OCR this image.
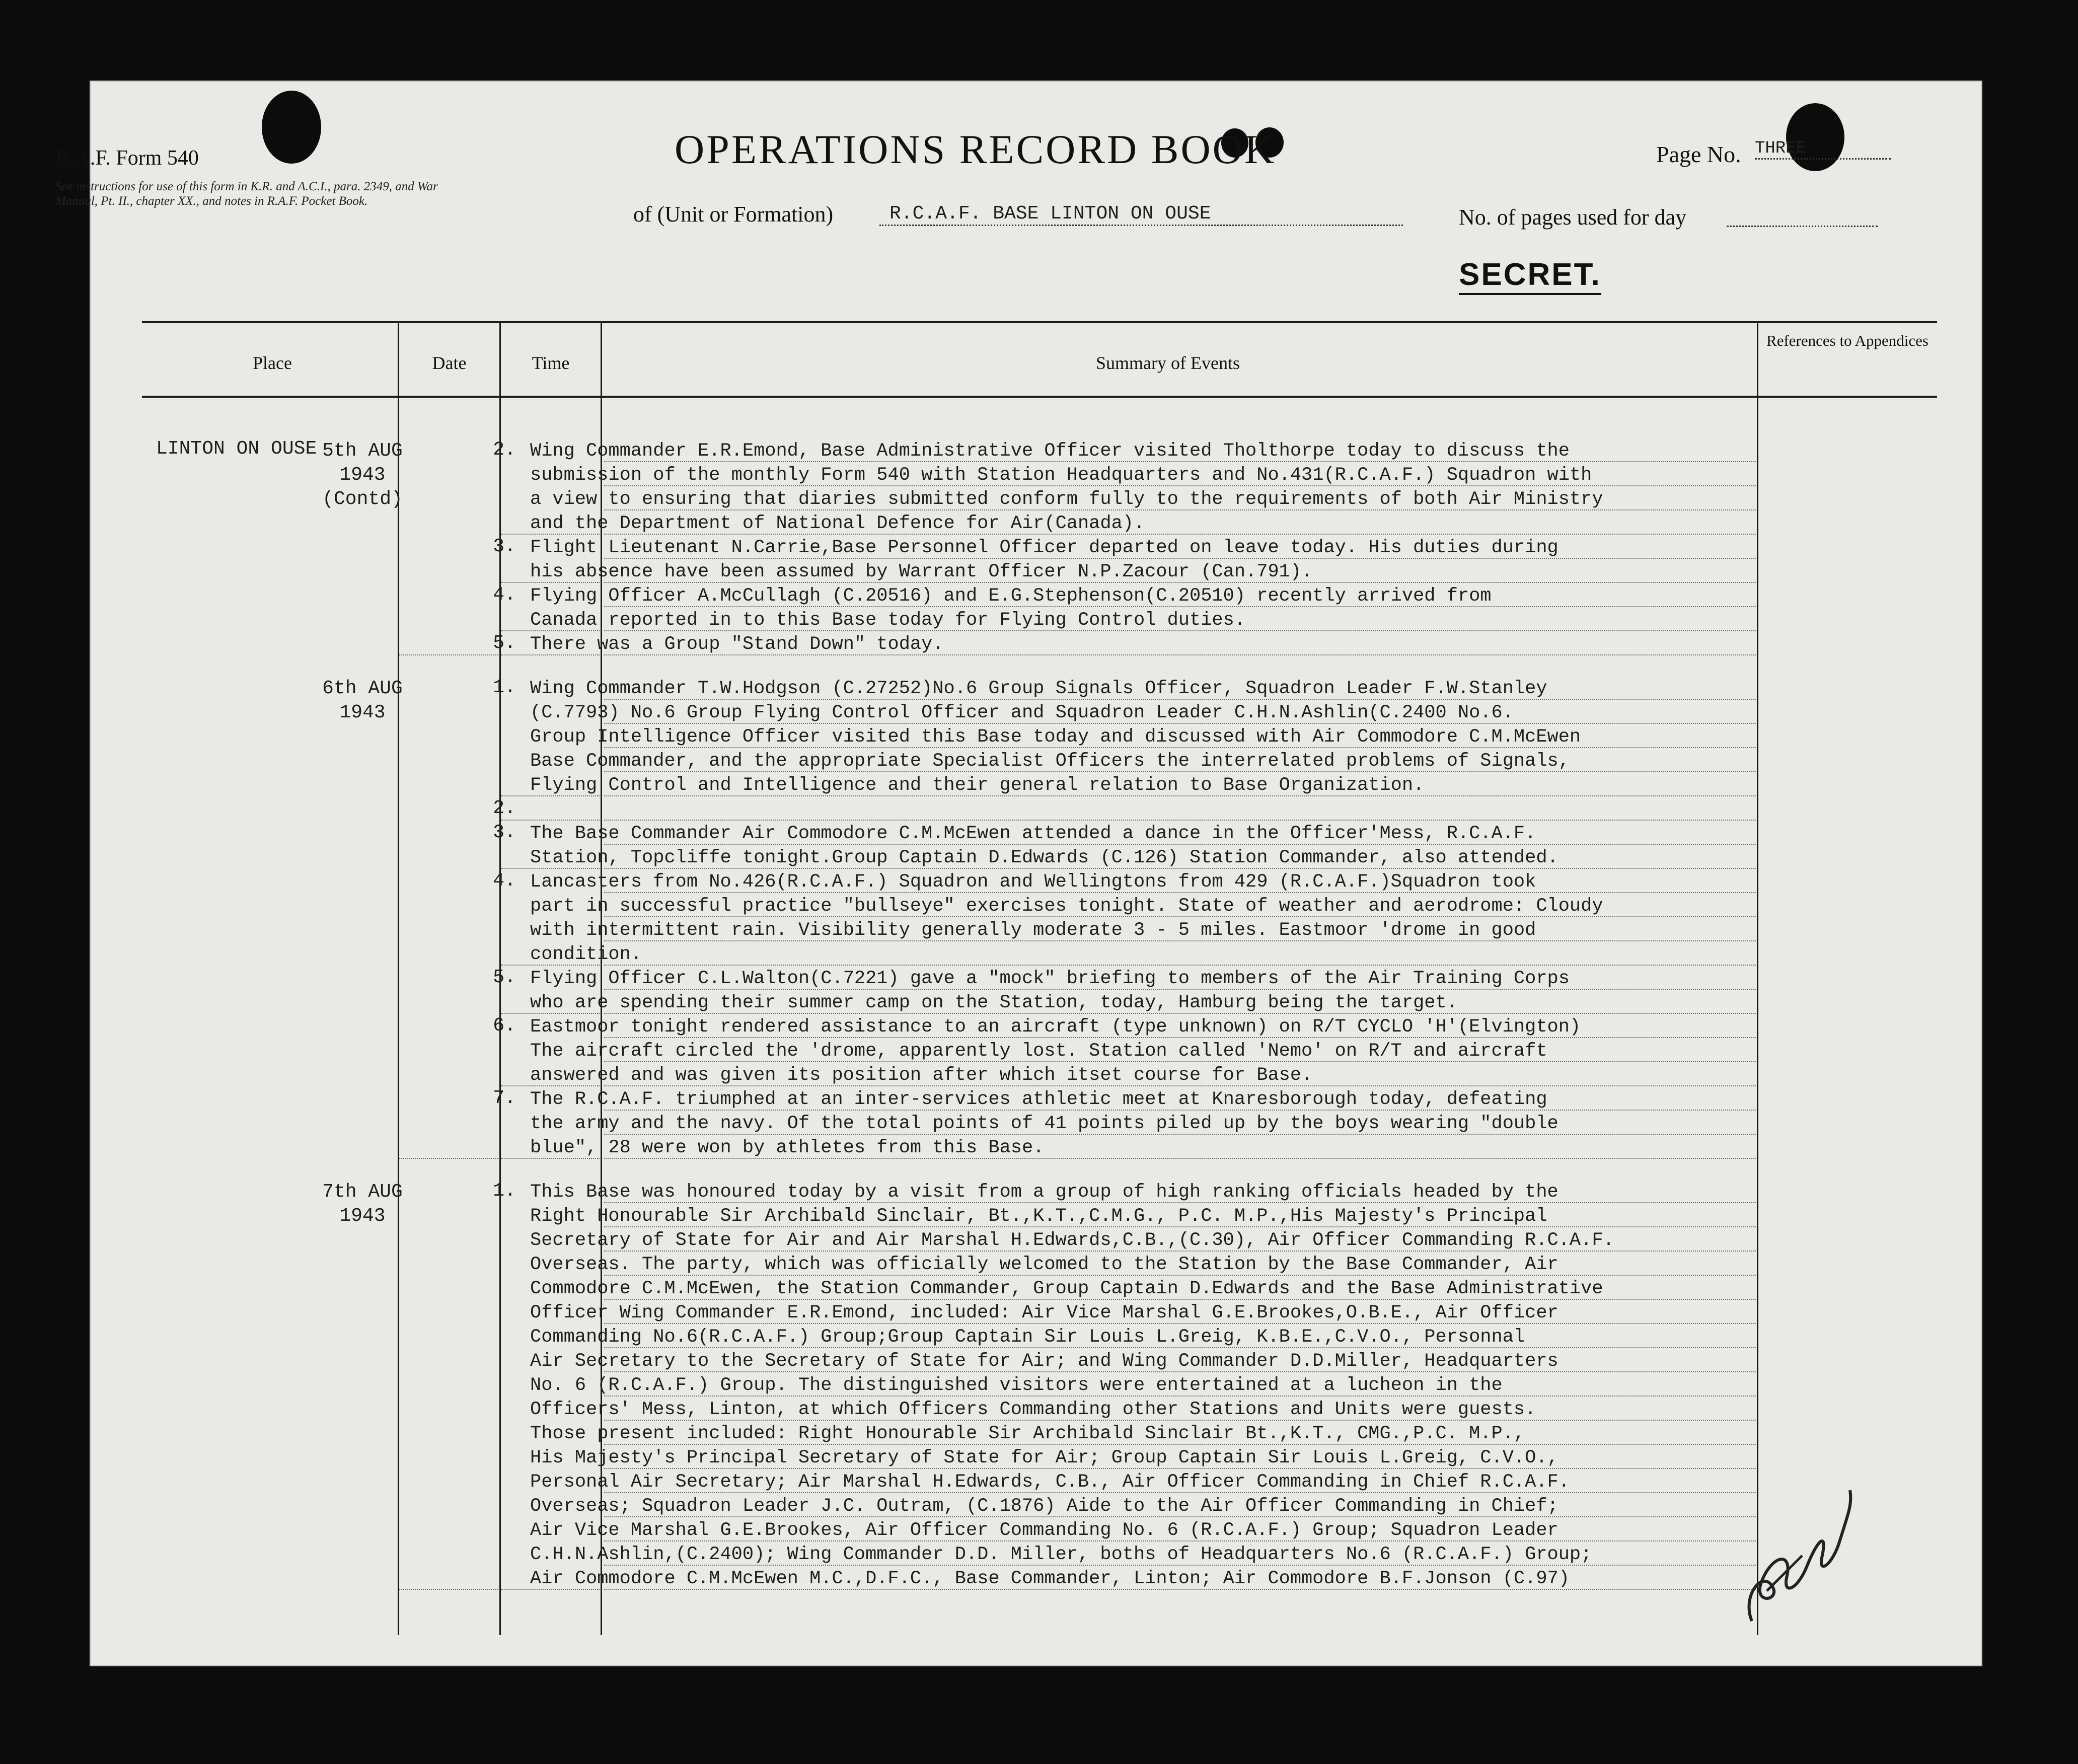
R.A.F. Form 540
See instructions for use of this form in K.R. and A.C.I., para. 2349, and War Manual, Pt. II., chapter XX., and notes in R.A.F. Pocket Book.
OPERATIONS RECORD BOOK
of (Unit or Formation)	R.C.A.F. BASE LINTON ON OUSE
Page No. THREE
No. of pages used for day
Place	Date	Time	Summary of Events
References to Appendices
SECRET.
LINTON ON OUSE 5th AUG
1943
(Contd)
2. Wing Commander E.R.Emond, Base Administrative Officer visited Tholthorpe today to discuss the
submission of the monthly Form 540 with Station Headquarters and No.431(R.C.A.F.) Squadron with
a view to ensuring that diaries submitted conform fully to the requirements of both Air Ministry
and the Department of National Defence for Air(Canada).
3. Flight Lieutenant N.Carrie,Base Personnel Officer departed on leave today. His duties during
his absence have been assumed by Warrant Officer N.P.Zacour (Can.791).
4. Flying Officer A.McCullagh (C.20516) and E.G.Stephenson(C.20510) recently arrived from
Canada reported in to this Base today for Flying Control duties.
5. There was a Group "Stand Down" today.
6th AUG
1943
1. Wing Commander T.W.Hodgson (C.27252)No.6 Group Signals Officer, Squadron Leader F.W.Stanley
(C.7793) No.6 Group Flying Control Officer and Squadron Leader C.H.N.Ashlin(C.2400 No.6.
Group Intelligence Officer visited this Base today and discussed with Air Commodore C.M.McEwen
Base Commander, and the appropriate Specialist Officers the interrelated problems of Signals,
Flying Control and Intelligence and their general relation to Base Organization.
2.

3. The Base Commander Air Commodore C.M.McEwen attended a dance in the Officer'Mess, R.C.A.F.
Station, Topcliffe tonight.Group Captain D.Edwards (C.126) Station Commander, also attended.
4. Lancasters from No.426(R.C.A.F.) Squadron and Wellingtons from 429 (R.C.A.F.)Squadron took
part in successful practice "bullseye" exercises tonight. State of weather and aerodrome: Cloudy
with intermittent rain. Visibility generally moderate 3 - 5 miles. Eastmoor 'drome in good
condition.
5. Flying Officer C.L.Walton(C.7221) gave a "mock" briefing to members of the Air Training Corps
who are spending their summer camp on the Station, today, Hamburg being the target.
6. Eastmoor tonight rendered assistance to an aircraft (type unknown) on R/T CYCLO 'H'(Elvington)
The aircraft circled the 'drome, apparently lost. Station called 'Nemo' on R/T and aircraft
answered and was given its position after which itset course for Base.
7. The R.C.A.F. triumphed at an inter-services athletic meet at Knaresborough today, defeating
the army and the navy. Of the total points of 41 points piled up by the boys wearing "double
blue", 28 were won by athletes from this Base.
7th AUG
1943
1. This Base was honoured today by a visit from a group of high ranking officials headed by the
Right Honourable Sir Archibald Sinclair, Bt.,K.T.,C.M.G., P.C. M.P.,His Majesty's Principal
Secretary of State for Air and Air Marshal H.Edwards,C.B.,(C.30), Air Officer Commanding R.C.A.F.
Overseas. The party, which was officially welcomed to the Station by the Base Commander, Air
Commodore C.M.McEwen, the Station Commander, Group Captain D.Edwards and the Base Administrative
Officer Wing Commander E.R.Emond, included: Air Vice Marshal G.E.Brookes,O.B.E., Air Officer
Commanding No.6(R.C.A.F.) Group;Group Captain Sir Louis L.Greig, K.B.E.,C.V.O., Personnal
Air Secretary to the Secretary of State for Air; and Wing Commander D.D.Miller, Headquarters
No. 6 (R.C.A.F.) Group. The distinguished visitors were entertained at a lucheon in the
Officers' Mess, Linton, at which Officers Commanding other Stations and Units were guests.
Those present included: Right Honourable Sir Archibald Sinclair Bt.,K.T., CMG.,P.C. M.P.,
His Majesty's Principal Secretary of State for Air; Group Captain Sir Louis L.Greig, C.V.O.,
Personal Air Secretary; Air Marshal H.Edwards, C.B., Air Officer Commanding in Chief R.C.A.F.
Overseas; Squadron Leader J.C. Outram, (C.1876) Aide to the Air Officer Commanding in Chief;
Air Vice Marshal G.E.Brookes, Air Officer Commanding No. 6 (R.C.A.F.) Group; Squadron Leader
C.H.N.Ashlin,(C.2400); Wing Commander D.D. Miller, boths of Headquarters No.6 (R.C.A.F.) Group;
Air Commodore C.M.McEwen M.C.,D.F.C., Base Commander, Linton; Air Commodore B.F.Jonson (C.97)
